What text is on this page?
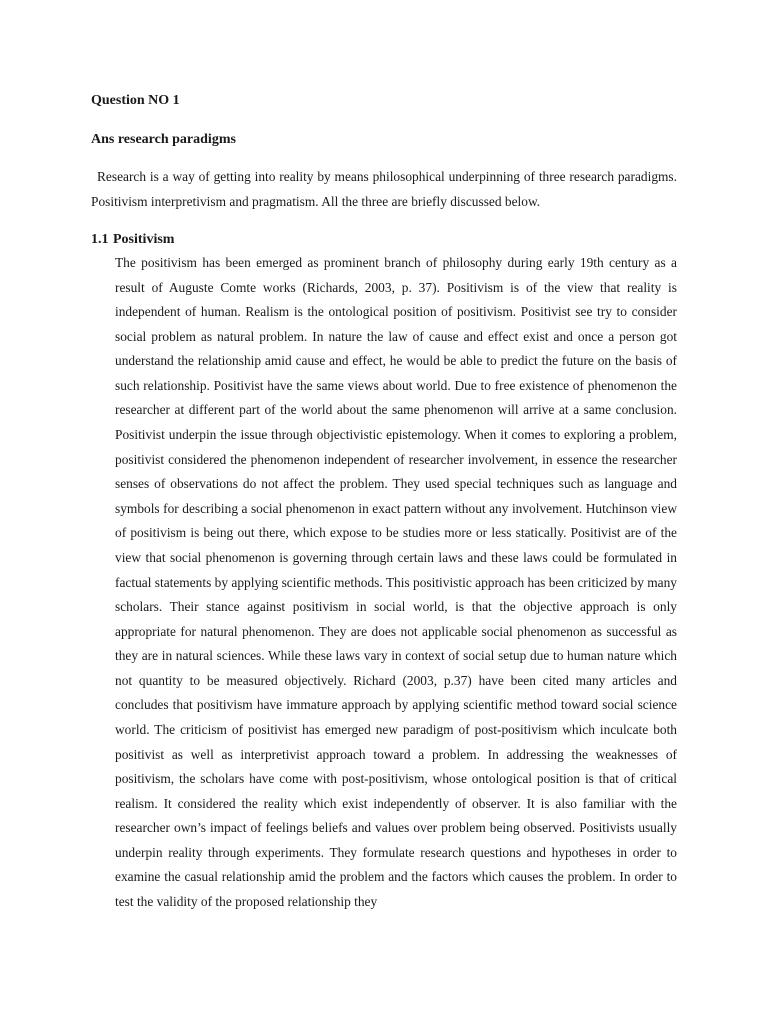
Question NO 1
Ans research paradigms

Research is a way of getting into reality by means philosophical underpinning of three research paradigms. Positivism interpretivism and pragmatism. All the three are briefly discussed below.

1.1 Positivism

The positivism has been emerged as prominent branch of philosophy during early 19th century as a result of Auguste Comte works (Richards, 2003, p. 37). Positivism is of the view that reality is independent of human. Realism is the ontological position of positivism. Positivist see try to consider social problem as natural problem. In nature the law of cause and effect exist and once a person got understand the relationship amid cause and effect, he would be able to predict the future on the basis of such relationship. Positivist have the same views about world. Due to free existence of phenomenon the researcher at different part of the world about the same phenomenon will arrive at a same conclusion. Positivist underpin the issue through objectivistic epistemology. When it comes to exploring a problem, positivist considered the phenomenon independent of researcher involvement, in essence the researcher senses of observations do not affect the problem. They used special techniques such as language and symbols for describing a social phenomenon in exact pattern without any involvement. Hutchinson view of positivism is being out there, which expose to be studies more or less statically. Positivist are of the view that social phenomenon is governing through certain laws and these laws could be formulated in factual statements by applying scientific methods. This positivistic approach has been criticized by many scholars. Their stance against positivism in social world, is that the objective approach is only appropriate for natural phenomenon. They are does not applicable social phenomenon as successful as they are in natural sciences. While these laws vary in context of social setup due to human nature which not quantity to be measured objectively. Richard (2003, p.37) have been cited many articles and concludes that positivism have immature approach by applying scientific method toward social science world. The criticism of positivist has emerged new paradigm of post-positivism which inculcate both positivist as well as interpretivist approach toward a problem. In addressing the weaknesses of positivism, the scholars have come with post-positivism, whose ontological position is that of critical realism. It considered the reality which exist independently of observer. It is also familiar with the researcher own’s impact of feelings beliefs and values over problem being observed. Positivists usually underpin reality through experiments. They formulate research questions and hypotheses in order to examine the casual relationship amid the problem and the factors which causes the problem. In order to test the validity of the proposed relationship they
